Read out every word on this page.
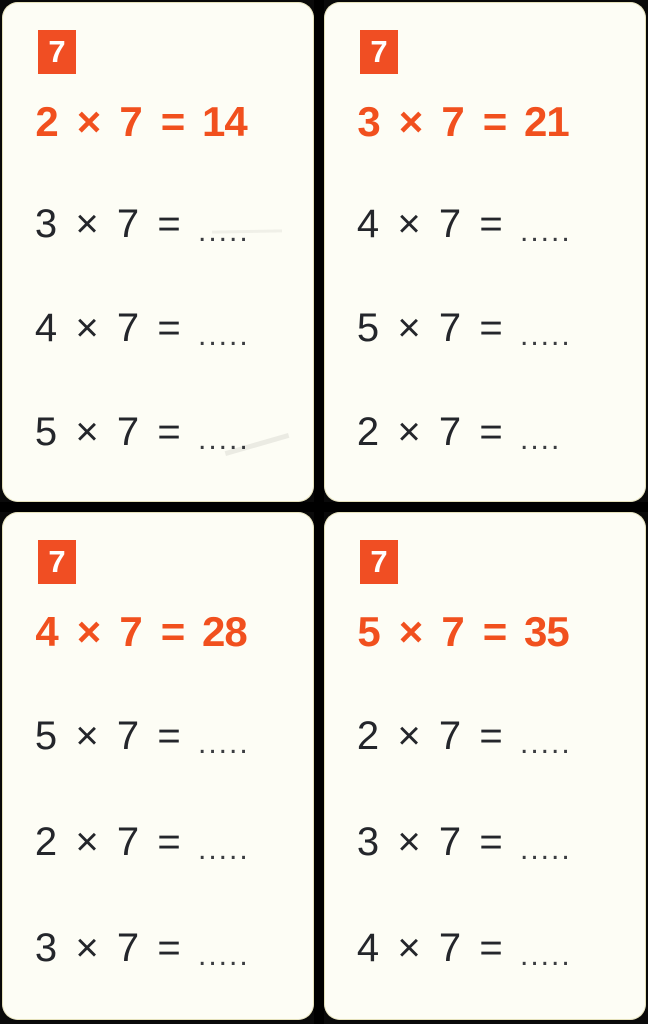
7
2 × 7 = 14
3 × 7 = .....
4 × 7 = .....
5 × 7 = .....
7
3 × 7 = 21
4 × 7 = .....
5 × 7 = .....
2 × 7 = ....
7
4 × 7 = 28
5 × 7 = .....
2 × 7 = .....
3 × 7 = .....
7
5 × 7 = 35
2 × 7 = .....
3 × 7 = .....
4 × 7 = .....
